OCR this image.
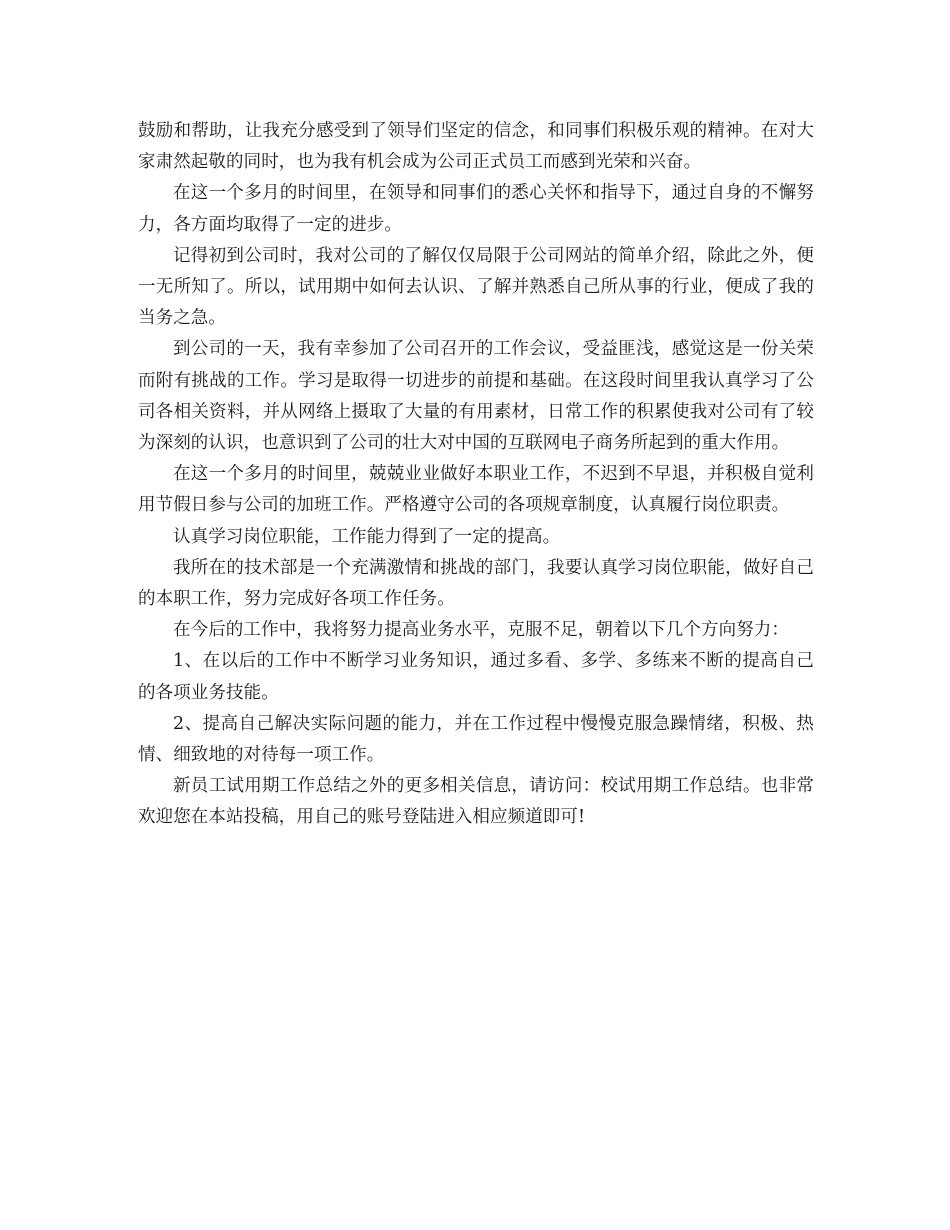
鼓励和帮助，让我充分感受到了领导们坚定的信念，和同事们积极乐观的精神。在对大家肃然起敬的同时，也为我有机会成为公司正式员工而感到光荣和兴奋。

在这一个多月的时间里，在领导和同事们的悉心关怀和指导下，通过自身的不懈努力，各方面均取得了一定的进步。

记得初到公司时，我对公司的了解仅仅局限于公司网站的简单介绍，除此之外，便一无所知了。所以，试用期中如何去认识、了解并熟悉自己所从事的行业，便成了我的当务之急。

到公司的一天，我有幸参加了公司召开的工作会议，受益匪浅，感觉这是一份关荣而附有挑战的工作。学习是取得一切进步的前提和基础。在这段时间里我认真学习了公司各相关资料，并从网络上摄取了大量的有用素材，日常工作的积累使我对公司有了较为深刻的认识，也意识到了公司的壮大对中国的互联网电子商务所起到的重大作用。

在这一个多月的时间里，兢兢业业做好本职业工作，不迟到不早退，并积极自觉利用节假日参与公司的加班工作。严格遵守公司的各项规章制度，认真履行岗位职责。

认真学习岗位职能，工作能力得到了一定的提高。

我所在的技术部是一个充满激情和挑战的部门，我要认真学习岗位职能，做好自己的本职工作，努力完成好各项工作任务。

在今后的工作中，我将努力提高业务水平，克服不足，朝着以下几个方向努力：

1、在以后的工作中不断学习业务知识，通过多看、多学、多练来不断的提高自己的各项业务技能。

2、提高自己解决实际问题的能力，并在工作过程中慢慢克服急躁情绪，积极、热情、细致地的对待每一项工作。

新员工试用期工作总结之外的更多相关信息，请访问：校试用期工作总结。也非常欢迎您在本站投稿，用自己的账号登陆进入相应频道即可!
